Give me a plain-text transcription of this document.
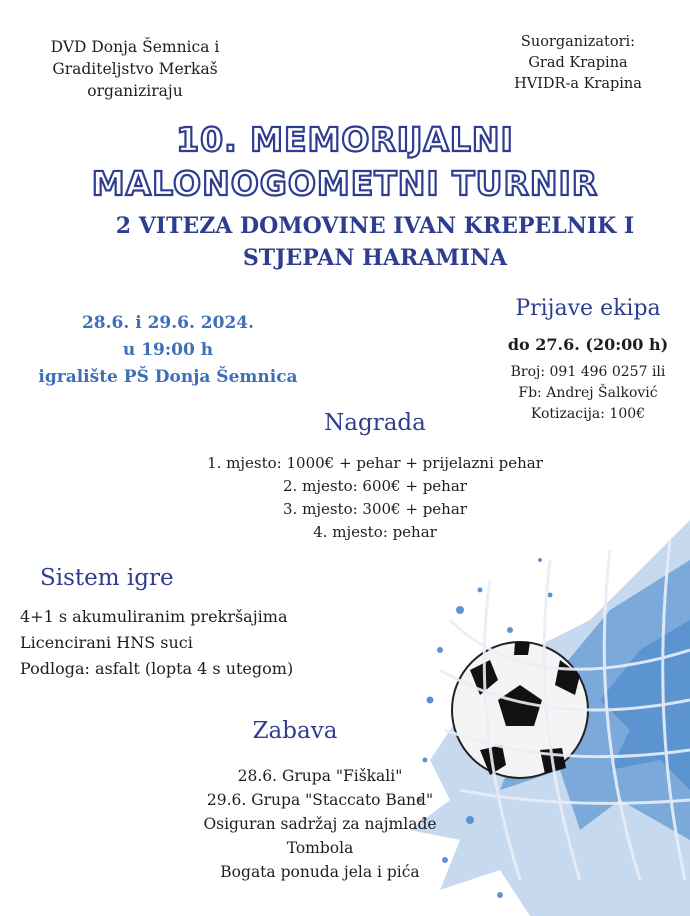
DVD Donja Šemnica i
Graditeljstvo Merkaš
organiziraju
Suorganizatori:
Grad Krapina
HVIDR-a Krapina
10. MEMORIJALNI
MALONOGOMETNI TURNIR
2 VITEZA DOMOVINE IVAN KREPELNIK I
STJEPAN HARAMINA
28.6. i 29.6. 2024.
u 19:00 h
igralište PŠ Donja Šemnica
Prijave ekipa
do 27.6. (20:00 h)
Broj: 091 496 0257 ili
Fb: Andrej Šalković
Kotizacija: 100€
Nagrada
1. mjesto: 1000€ + pehar + prijelazni pehar
2. mjesto: 600€ + pehar
3. mjesto: 300€ + pehar
4. mjesto: pehar
Sistem igre
4+1 s akumuliranim prekršajima
Licencirani HNS suci
Podloga: asfalt (lopta 4 s utegom)
Zabava
28.6. Grupa "Fiškali"
29.6. Grupa "Staccato Band"
Osiguran sadržaj za najmlađe
Tombola
Bogata ponuda jela i pića
